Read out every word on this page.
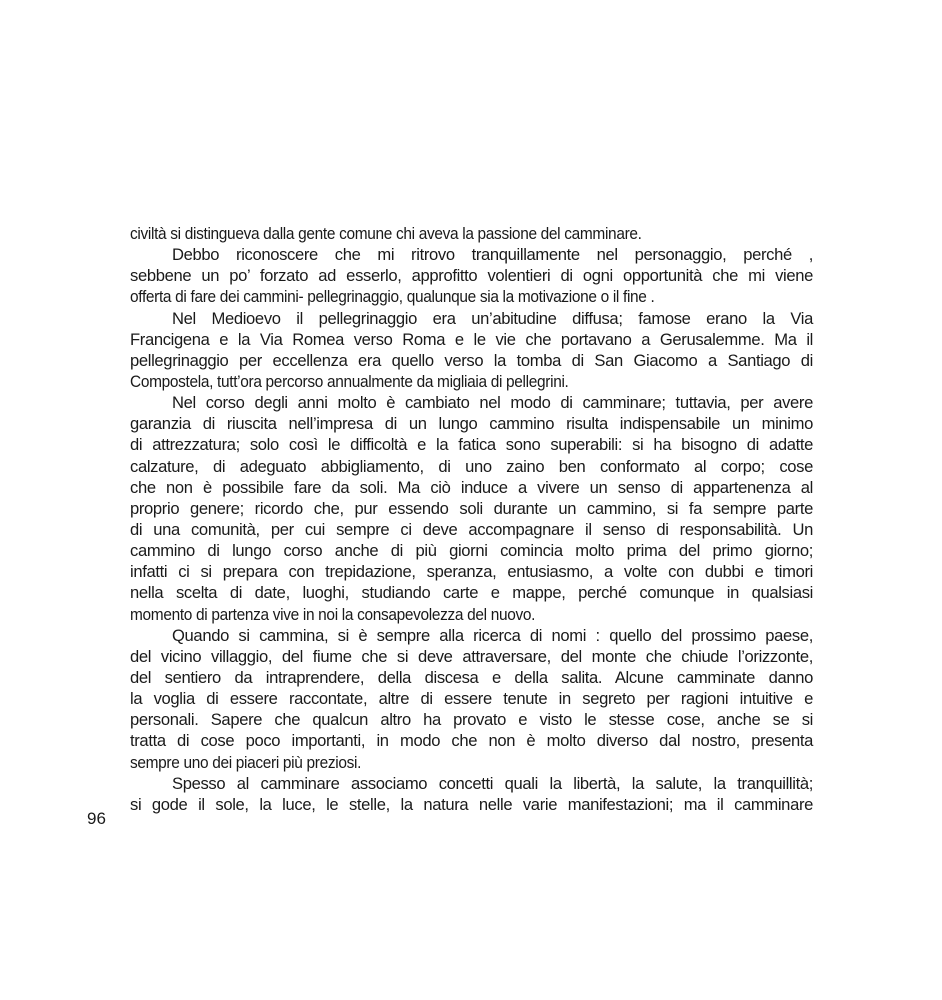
civiltà si distingueva dalla gente comune chi aveva la passione del camminare.
Debbo riconoscere che mi ritrovo tranquillamente nel personaggio, perché ,
sebbene un po’ forzato ad esserlo, approfitto volentieri di ogni opportunità che mi viene
offerta di fare dei cammini- pellegrinaggio, qualunque sia la motivazione o il fine .
Nel Medioevo il pellegrinaggio era un’abitudine diffusa; famose erano la Via
Francigena e la Via Romea verso Roma e le vie che portavano a Gerusalemme. Ma il
pellegrinaggio per eccellenza era quello verso la tomba di San Giacomo a Santiago di
Compostela, tutt’ora percorso annualmente da migliaia di pellegrini.
Nel corso degli anni molto è cambiato nel modo di camminare; tuttavia, per avere
garanzia di riuscita nell’impresa di un lungo cammino risulta indispensabile un minimo
di attrezzatura; solo così le difficoltà e la fatica sono superabili: si ha bisogno di adatte
calzature, di adeguato abbigliamento, di uno zaino ben conformato al corpo; cose
che non è possibile fare da soli. Ma ciò induce a vivere un senso di appartenenza al
proprio genere; ricordo che, pur essendo soli durante un cammino, si fa sempre parte
di una comunità, per cui sempre ci deve accompagnare il senso di responsabilità. Un
cammino di lungo corso anche di più giorni comincia molto prima del primo giorno;
infatti ci si prepara con trepidazione, speranza, entusiasmo, a volte con dubbi e timori
nella scelta di date, luoghi, studiando carte e mappe, perché comunque in qualsiasi
momento di partenza vive in noi la consapevolezza del nuovo.
Quando si cammina, si è sempre alla ricerca di nomi : quello del prossimo paese,
del vicino villaggio, del fiume che si deve attraversare, del monte che chiude l’orizzonte,
del sentiero da intraprendere, della discesa e della salita. Alcune camminate danno
la voglia di essere raccontate, altre di essere tenute in segreto per ragioni intuitive e
personali. Sapere che qualcun altro ha provato e visto le stesse cose, anche se si
tratta di cose poco importanti, in modo che non è molto diverso dal nostro, presenta
sempre uno dei piaceri più preziosi.
Spesso al camminare associamo concetti quali la libertà, la salute, la tranquillità;
si gode il sole, la luce, le stelle, la natura nelle varie manifestazioni; ma il camminare
96
